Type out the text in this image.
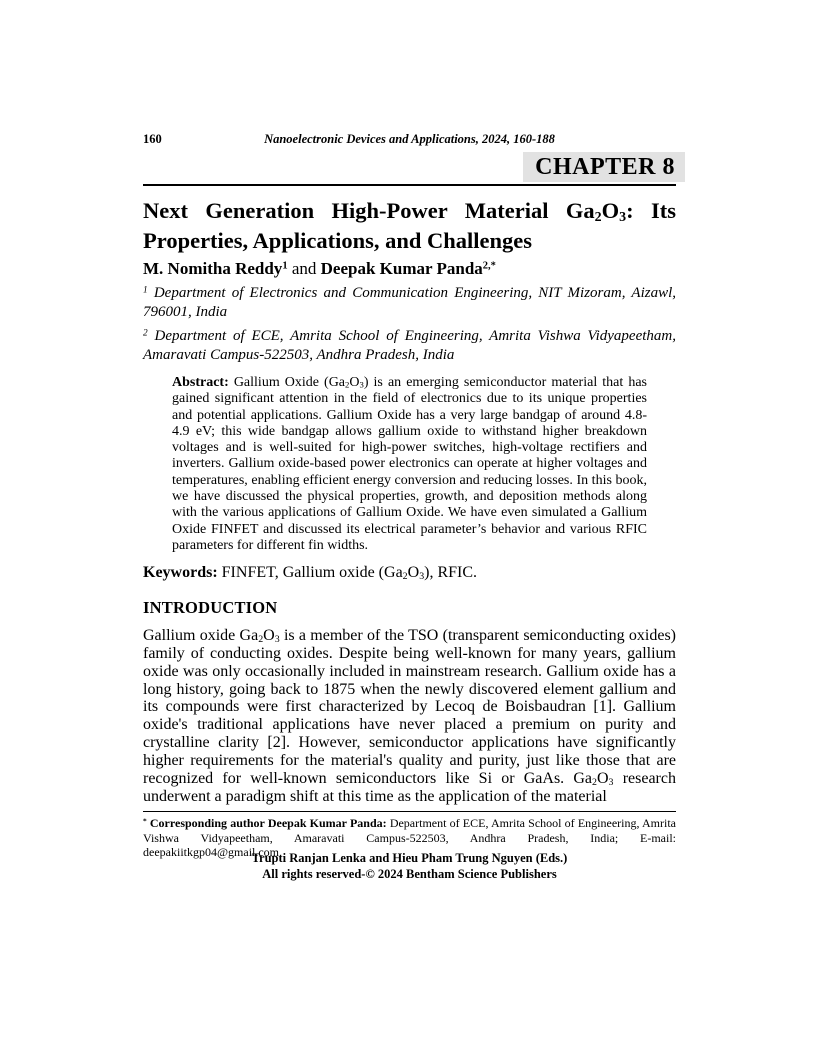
160	Nanoelectronic Devices and Applications, 2024, 160-188
CHAPTER 8
Next Generation High-Power Material $Ga_2O_3$: Its Properties, Applications, and Challenges

M. Nomitha Reddy$^1$ and Deepak Kumar Panda$^{2,*}$

$^1$ Department of Electronics and Communication Engineering, NIT Mizoram, Aizawl, 796001, India

$^2$ Department of ECE, Amrita School of Engineering, Amrita Vishwa Vidyapeetham, Amaravati Campus-522503, Andhra Pradesh, India

Abstract: Gallium Oxide $(Ga_2O_3)$ is an emerging semiconductor material that has gained significant attention in the field of electronics due to its unique properties and potential applications. Gallium Oxide has a very large bandgap of around 4.8-4.9 eV; this wide bandgap allows gallium oxide to withstand higher breakdown voltages and is well-suited for high-power switches, high-voltage rectifiers and inverters. Gallium oxide-based power electronics can operate at higher voltages and temperatures, enabling efficient energy conversion and reducing losses. In this book, we have discussed the physical properties, growth, and deposition methods along with the various applications of Gallium Oxide. We have even simulated a Gallium Oxide FINFET and discussed its electrical parameter’s behavior and various RFIC parameters for different fin widths.

Keywords: FINFET, Gallium oxide $(Ga_2O_3)$, RFIC.

INTRODUCTION

Gallium oxide $Ga_2O_3$ is a member of the TSO (transparent semiconducting oxides) family of conducting oxides. Despite being well-known for many years, gallium oxide was only occasionally included in mainstream research. Gallium oxide has a long history, going back to 1875 when the newly discovered element gallium and its compounds were first characterized by Lecoq de Boisbaudran [1]. Gallium oxide's traditional applications have never placed a premium on purity and crystalline clarity [2]. However, semiconductor applications have significantly higher requirements for the material's quality and purity, just like those that are recognized for well-known semiconductors like Si or GaAs. $Ga_2O_3$ research underwent a paradigm shift at this time as the application of the material

* Corresponding author Deepak Kumar Panda: Department of ECE, Amrita School of Engineering, Amrita Vishwa Vidyapeetham, Amaravati Campus-522503, Andhra Pradesh, India; E-mail: deepakiitkgp04@gmail.com

Trupti Ranjan Lenka and Hieu Pham Trung Nguyen (Eds.)
All rights reserved-© 2024 Bentham Science Publishers
